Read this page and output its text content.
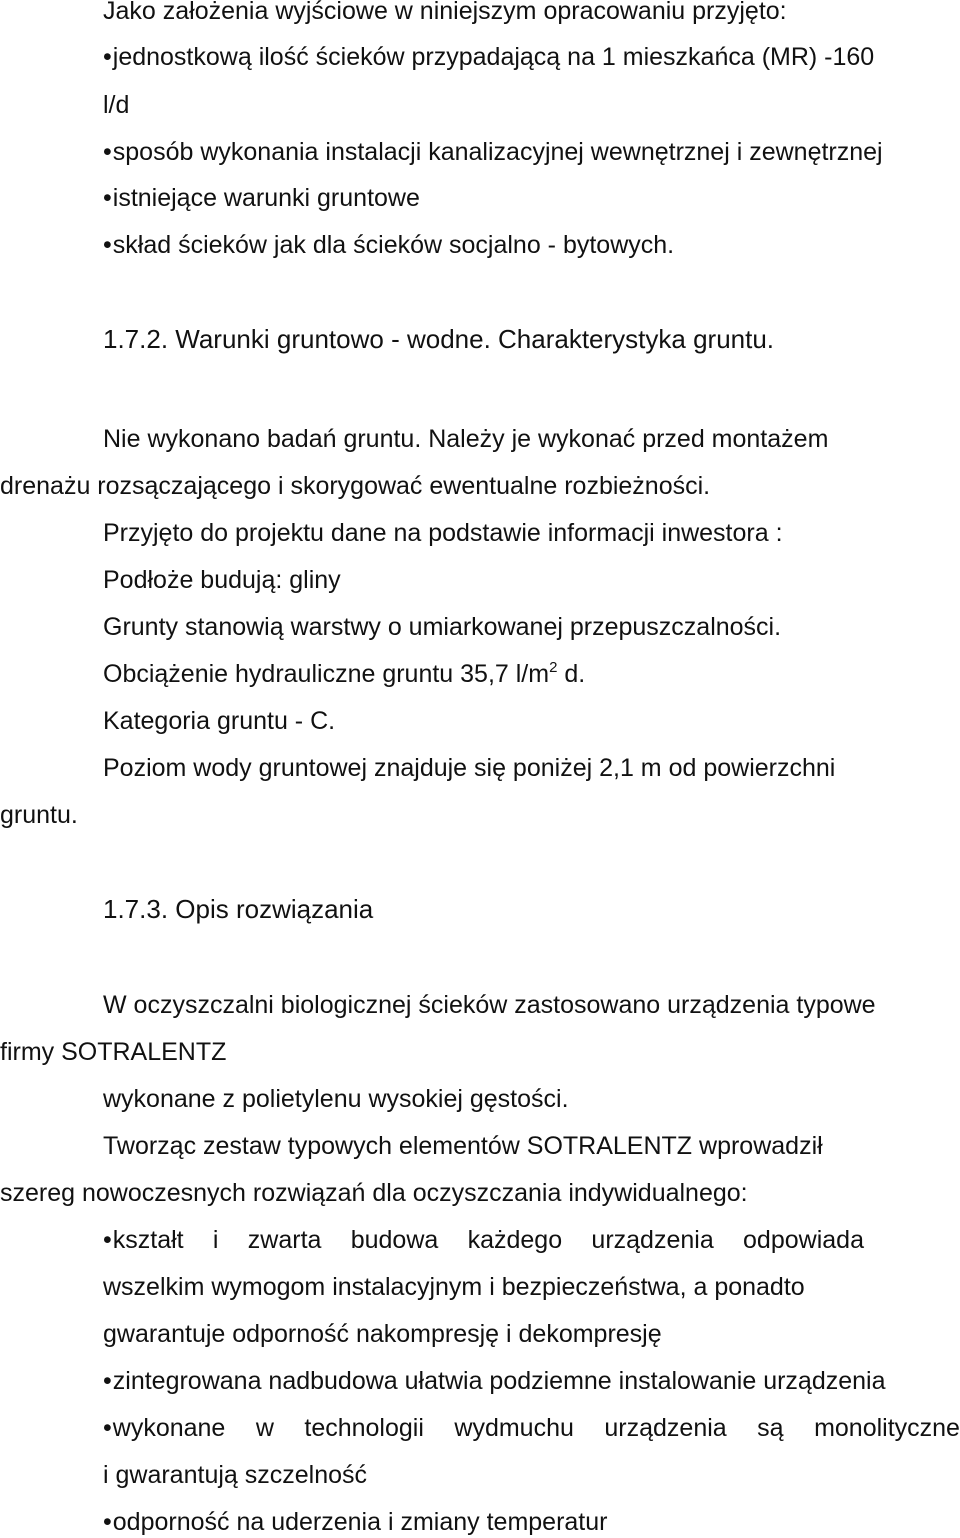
Jako założenia wyjściowe w niniejszym opracowaniu przyjęto:

•jednostkową ilość ścieków przypadającą na 1 mieszkańca (MR) -160

l/d

•sposób wykonania instalacji kanalizacyjnej wewnętrznej i zewnętrznej

•istniejące warunki gruntowe

•skład ścieków jak dla ścieków socjalno - bytowych.

1.7.2. Warunki gruntowo - wodne. Charakterystyka gruntu.

Nie wykonano badań gruntu. Należy je wykonać przed montażem

drenażu rozsączającego i skorygować ewentualne rozbieżności.

Przyjęto do projektu dane na podstawie informacji inwestora :

Podłoże budują: gliny

Grunty stanowią warstwy o umiarkowanej przepuszczalności.

Obciążenie hydrauliczne gruntu 35,7 $l/m^2$ d.

Kategoria gruntu - C.

Poziom wody gruntowej znajduje się poniżej 2,1 m od powierzchni

gruntu.

1.7.3. Opis rozwiązania

W oczyszczalni biologicznej ścieków zastosowano urządzenia typowe

firmy SOTRALENTZ

wykonane z polietylenu wysokiej gęstości.

Tworząc zestaw typowych elementów SOTRALENTZ wprowadził

szereg nowoczesnych rozwiązań dla oczyszczania indywidualnego:

•kształt i zwarta budowa każdego urządzenia odpowiada

wszelkim wymogom instalacyjnym i bezpieczeństwa, a ponadto

gwarantuje odporność nakompresję i dekompresję

•zintegrowana nadbudowa ułatwia podziemne instalowanie urządzenia

•wykonane w technologii wydmuchu urządzenia są monolityczne

i gwarantują szczelność

•odporność na uderzenia i zmiany temperatur
